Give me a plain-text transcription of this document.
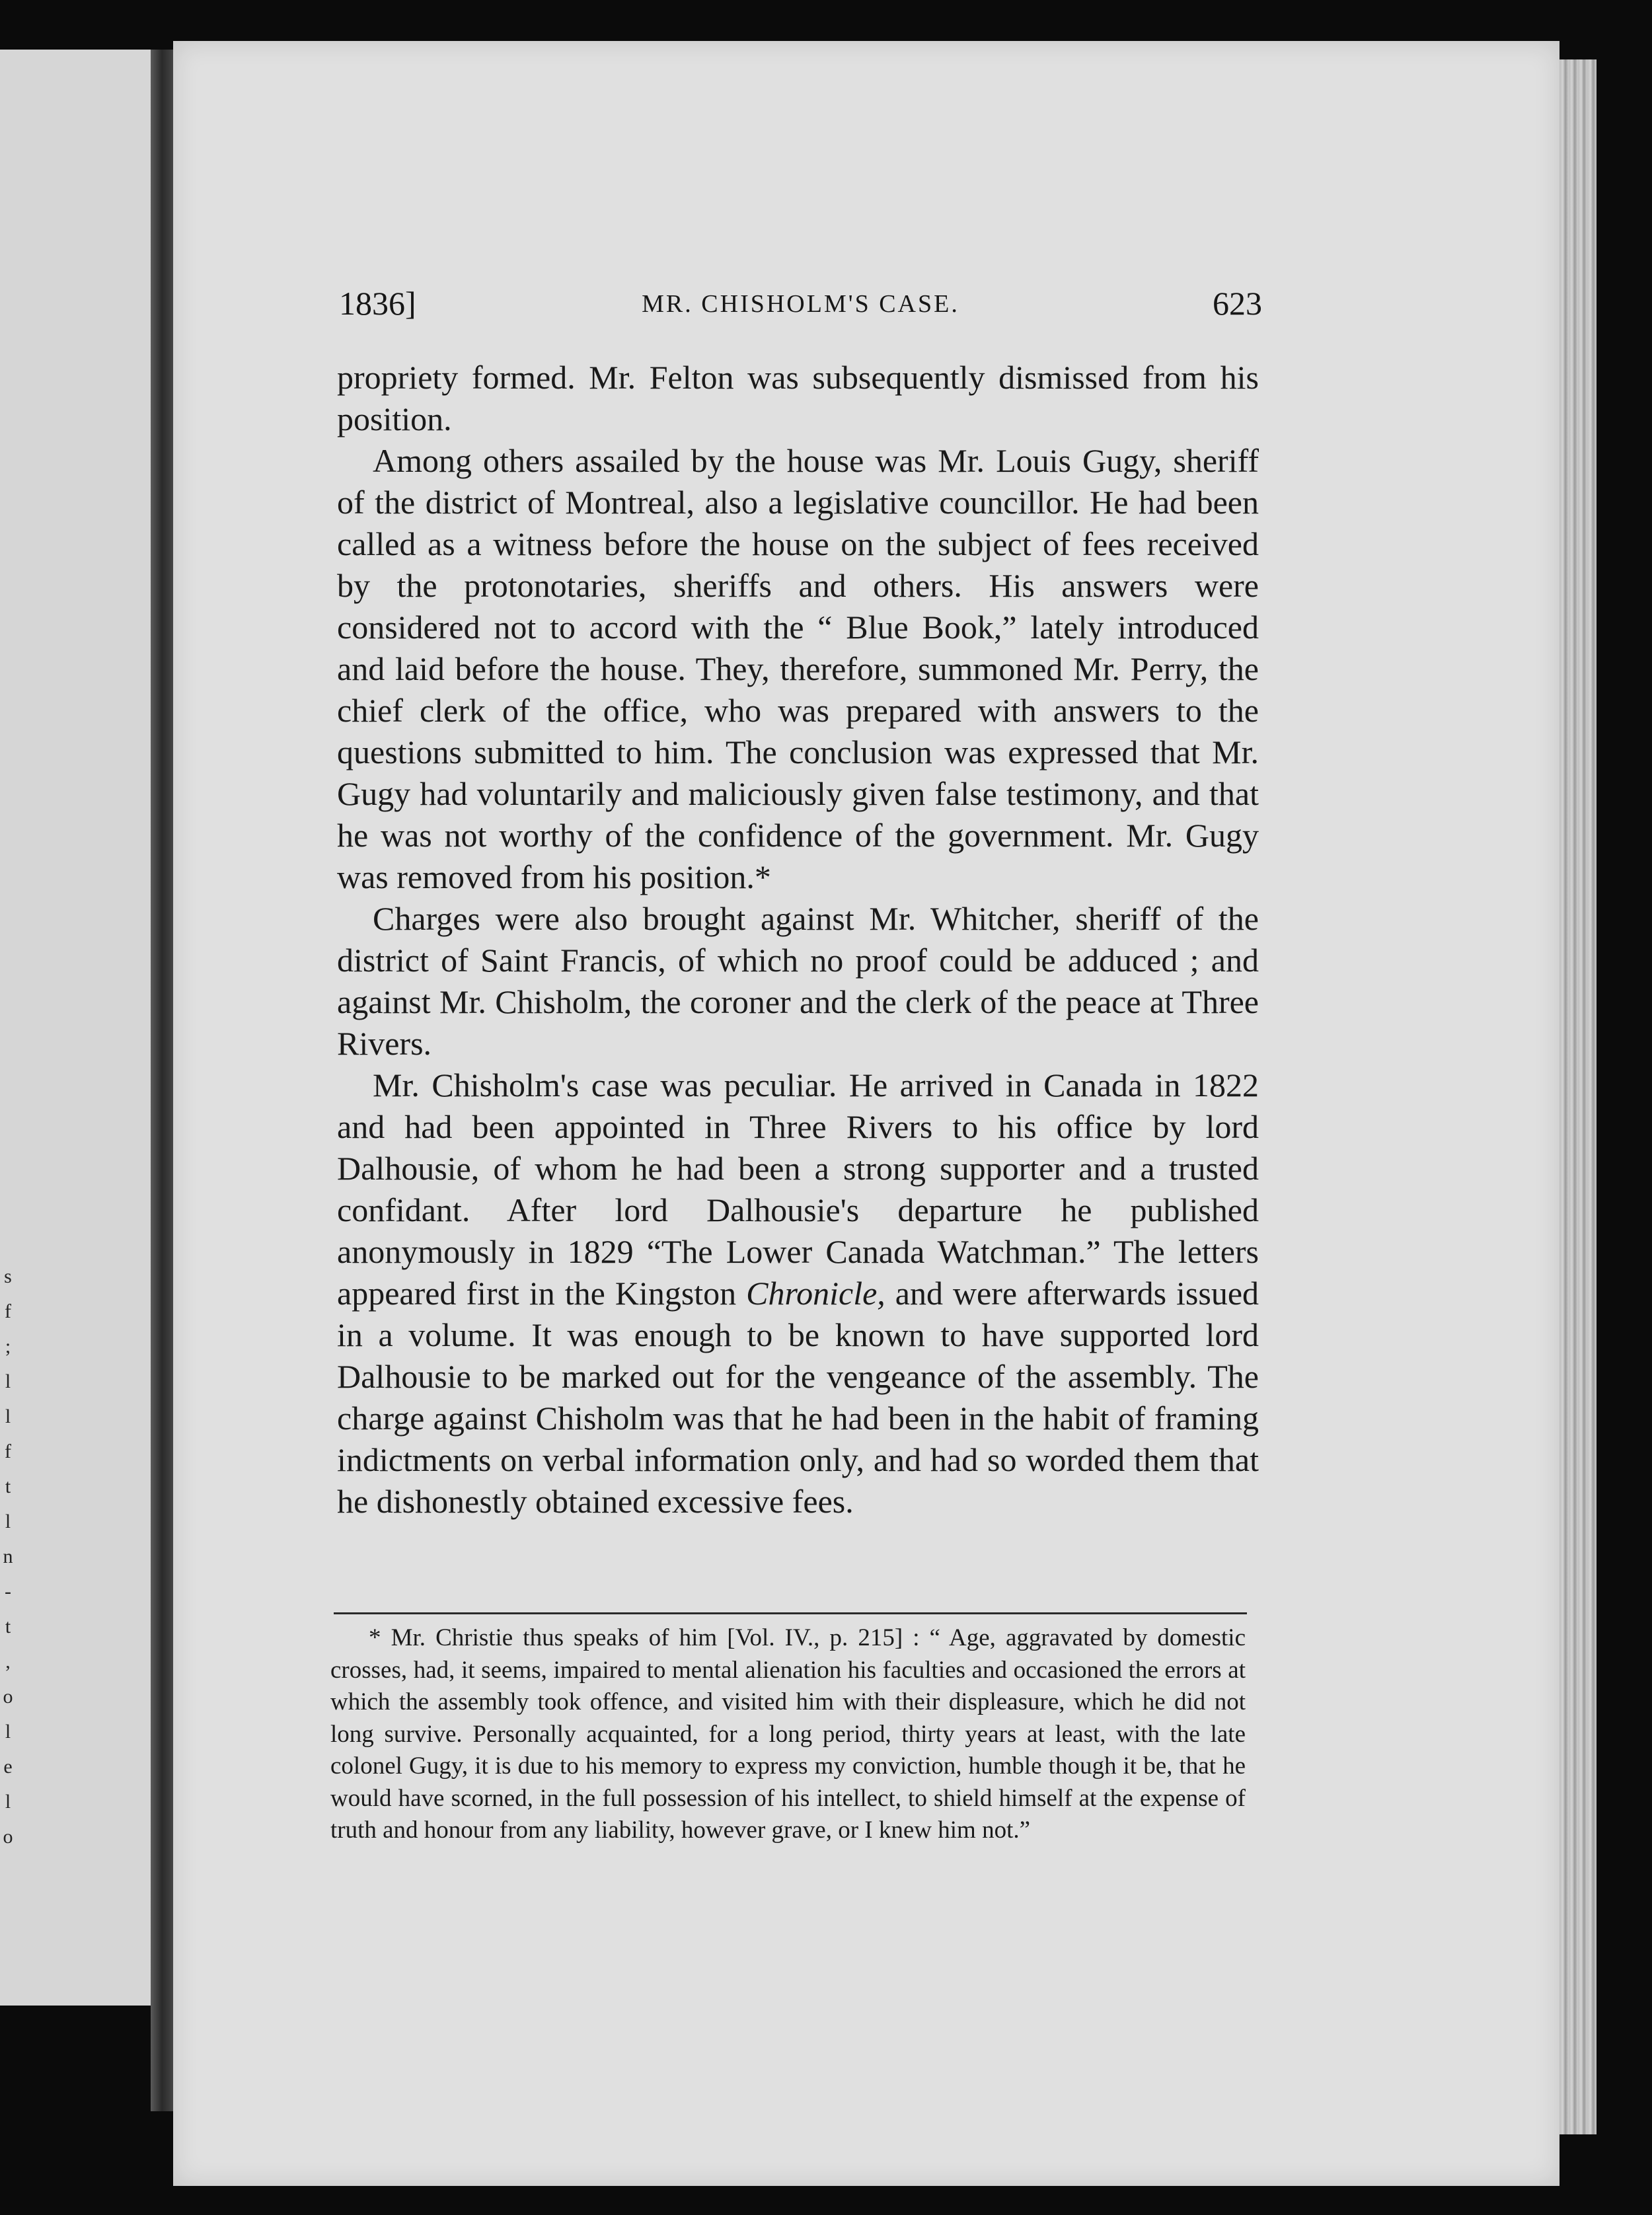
s
f
;
l
l
f
t
l
n
-
t
,
o
l
e
l
o
1836]	MR. CHISHOLM'S CASE.	623

propriety formed. Mr. Felton was subsequently dismissed from his position.

Among others assailed by the house was Mr. Louis Gugy, sheriff of the district of Montreal, also a legislative councillor. He had been called as a witness before the house on the subject of fees received by the protonotaries, sheriffs and others. His answers were considered not to accord with the “ Blue Book,” lately introduced and laid before the house. They, therefore, summoned Mr. Perry, the chief clerk of the office, who was prepared with answers to the questions submitted to him. The conclusion was expressed that Mr. Gugy had voluntarily and maliciously given false testimony, and that he was not worthy of the confidence of the government. Mr. Gugy was removed from his position.*

Charges were also brought against Mr. Whitcher, sheriff of the district of Saint Francis, of which no proof could be adduced ; and against Mr. Chisholm, the coroner and the clerk of the peace at Three Rivers.

Mr. Chisholm's case was peculiar. He arrived in Canada in 1822 and had been appointed in Three Rivers to his office by lord Dalhousie, of whom he had been a strong supporter and a trusted confidant. After lord Dalhousie's departure he published anonymously in 1829 “The Lower Canada Watchman.” The letters appeared first in the Kingston Chronicle, and were afterwards issued in a volume. It was enough to be known to have supported lord Dalhousie to be marked out for the vengeance of the assembly. The charge against Chisholm was that he had been in the habit of framing indictments on verbal information only, and had so worded them that he dishonestly obtained excessive fees.

* Mr. Christie thus speaks of him [Vol. IV., p. 215] : “ Age, aggravated by domestic crosses, had, it seems, impaired to mental alienation his faculties and occasioned the errors at which the assembly took offence, and visited him with their displeasure, which he did not long survive. Personally acquainted, for a long period, thirty years at least, with the late colonel Gugy, it is due to his memory to express my conviction, humble though it be, that he would have scorned, in the full possession of his intellect, to shield himself at the expense of truth and honour from any liability, however grave, or I knew him not.”
